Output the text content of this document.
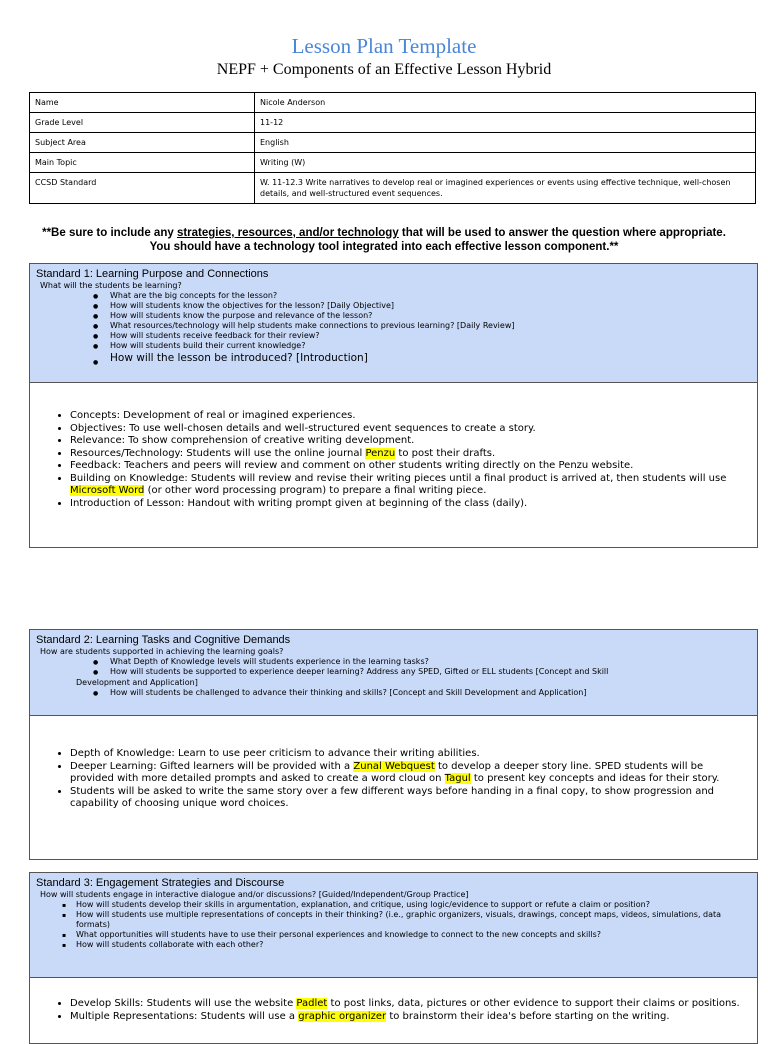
Lesson Plan Template
NEPF + Components of an Effective Lesson Hybrid
Name	Nicole Anderson
Grade Level	11-12
Subject Area	English
Main Topic	Writing (W)
CCSD Standard	W. 11-12.3 Write narratives to develop real or imagined experiences or events using effective technique, well-chosen details, and well-structured event sequences.
**Be sure to include any strategies, resources, and/or technology that will be used to answer the question where appropriate. You should have a technology tool integrated into each effective lesson component.**
Standard 1: Learning Purpose and Connections
What will the students be learning?
● What are the big concepts for the lesson?
● How will students know the objectives for the lesson? [Daily Objective]
● How will students know the purpose and relevance of the lesson?
● What resources/technology will help students make connections to previous learning? [Daily Review]
● How will students receive feedback for their review?
● How will students build their current knowledge?
● How will the lesson be introduced? [Introduction]
• Concepts: Development of real or imagined experiences.
• Objectives: To use well-chosen details and well-structured event sequences to create a story.
• Relevance: To show comprehension of creative writing development.
• Resources/Technology: Students will use the online journal Penzu to post their drafts.
• Feedback: Teachers and peers will review and comment on other students writing directly on the Penzu website.
• Building on Knowledge: Students will review and revise their writing pieces until a final product is arrived at, then students will use Microsoft Word (or other word processing program) to prepare a final writing piece.
• Introduction of Lesson: Handout with writing prompt given at beginning of the class (daily).
Standard 2: Learning Tasks and Cognitive Demands
How are students supported in achieving the learning goals?
● What Depth of Knowledge levels will students experience in the learning tasks?
● How will students be supported to experience deeper learning? Address any SPED, Gifted or ELL students [Concept and Skill
Development and Application]
● How will students be challenged to advance their thinking and skills? [Concept and Skill Development and Application]
• Depth of Knowledge: Learn to use peer criticism to advance their writing abilities.
• Deeper Learning: Gifted learners will be provided with a Zunal Webquest to develop a deeper story line. SPED students will be provided with more detailed prompts and asked to create a word cloud on Tagul to present key concepts and ideas for their story.
• Students will be asked to write the same story over a few different ways before handing in a final copy, to show progression and capability of choosing unique word choices.
Standard 3: Engagement Strategies and Discourse
How will students engage in interactive dialogue and/or discussions? [Guided/Independent/Group Practice]
▪ How will students develop their skills in argumentation, explanation, and critique, using logic/evidence to support or refute a claim or position?
▪ How will students use multiple representations of concepts in their thinking? (i.e., graphic organizers, visuals, drawings, concept maps, videos, simulations, data formats)
▪ What opportunities will students have to use their personal experiences and knowledge to connect to the new concepts and skills?
▪ How will students collaborate with each other?
• Develop Skills: Students will use the website Padlet to post links, data, pictures or other evidence to support their claims or positions.
• Multiple Representations: Students will use a graphic organizer to brainstorm their idea's before starting on the writing.
